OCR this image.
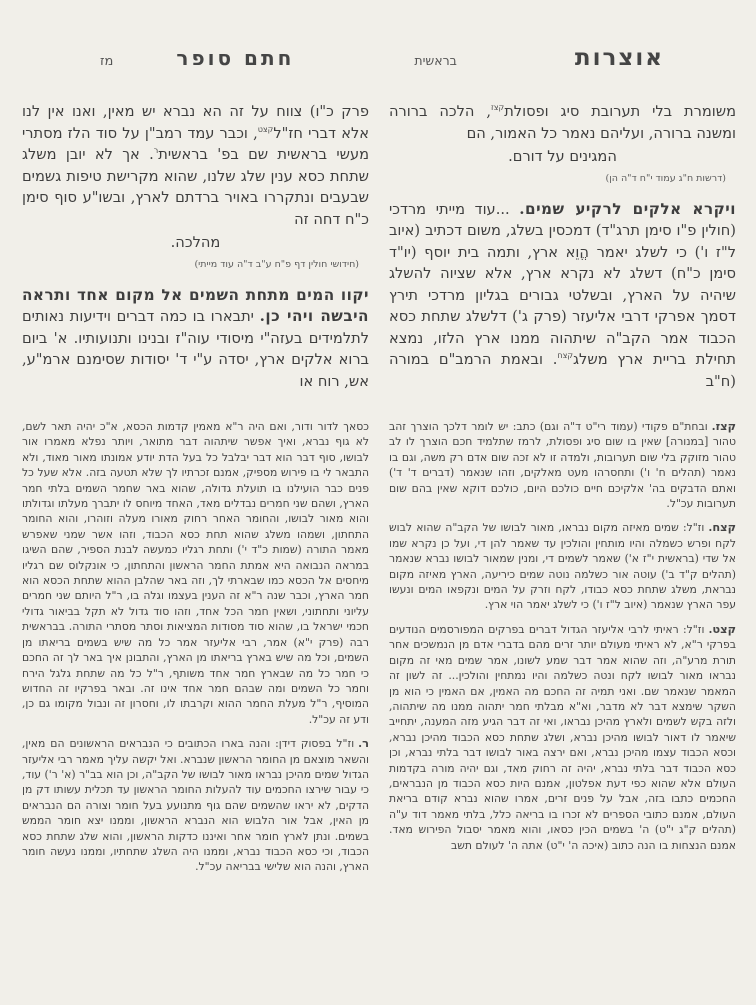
אוצרות
בראשית
חתם סופר
מז

משומרת בלי תערובת סיג ופסולת$^{קצז}$, הלכה ברורה ומשנה ברורה, ועליהם נאמר כל האמור, הם

המגינים על דורם.

(דרשות ח"ג עמוד י"ח ד"ה הן)

ויקרא אלקים לרקיע שמים. ...עוד מייתי מרדכי (חולין פ"ו סימן תרג"ד) דמכסין בשלג, משום דכתיב (איוב ל"ז ו') כי לשלג יאמר הֱוֵא ארץ, ותמה בית יוסף (יו"ד סימן כ"ח) דשלג לא נקרא ארץ, אלא שציוה להשלג שיהיה על הארץ, ובשלטי גבורים בגליון מרדכי תירץ דסמך אפרקי דרבי אליעזר (פרק ג') דלשלג שתחת כסא הכבוד אמר הקב"ה שיתהוה ממנו ארץ הלזו, נמצא תחילת בריית ארץ משלג$^{קצח}$. ובאמת הרמב"ם במורה (ח"ב

פרק כ"ו) צווח על זה הא נברא יש מאין, ואנו אין לנו אלא דברי חז"ל$^{קצט}$, וכבר עמד רמב"ן על סוד הלז מסתרי מעשי בראשית שם בפ' בראשית$^ר$. אך לא יובן משלג שתחת כסא ענין שלג שלנו, שהוא מקרישת טיפות גשמים שבעבים ונתקררו באויר ברדתם לארץ, ובשו"ע סוף סימן כ"ח דחה זה

מהלכה.

(חידושי חולין דף פ"ח ע"ב ד"ה עוד מייתי)

יקוו המים מתחת השמים אל מקום אחד ותראה היבשה ויהי כן. יתבארו בו כמה דברים וידיעות נאותים לתלמידים בעזה"י מיסודי עוה"ז ובנינו ותנועותיו. א' ביום ברוא אלקים ארץ, יסדה ע"י ד' יסודות שסימנם ארמ"ע, אש, רוח או

קצז.ובחת"ם פקודי (עמוד רי"ט ד"ה וגם) כתב: יש לומר דלכך הוצרך זהב טהור [במנורה] שאין בו שום סיג ופסולת, לרמז שתלמיד חכם הוצרך לו לב טהור מזוקק בלי שום תערובות, ולמדה זו לא זכה שום אדם רק משה, וגם בו נאמר (תהלים ח' ו') ותחסרהו מעט מאלקים, וזהו שנאמר (דברים ד' ד') ואתם הדבקים בה' אלקיכם חיים כולכם היום, כולכם דוקא שאין בהם שום תערובות עכ"ל.

קצח.וז"ל: שמים מאיזה מקום נבראו, מאור לבושו של הקב"ה שהוא לבוש לקח ופרש כשמלה והיו מותחין והולכין עד שאמר להן די, ועל כן נקרא שמו אל שדי (בראשית י"ז א') שאמר לשמים די, ומנין שמאור לבושו נברא שנאמר (תהלים ק"ד ב') עוטה אור כשלמה נוטה שמים כיריעה, הארץ מאיזה מקום נבראת, משלג שתחת כסא כבודו, לקח וזרק על המים ונקפאו המים ונעשו עפר הארץ שנאמר (איוב ל"ז ו') כי לשלג יאמר הוי ארץ.

קצט.וז"ל: ראיתי לרבי אליעזר הגדול דברים בפרקים המפורסמים הנודעים בפרקי ר"א, לא ראיתי מעולם יותר זרים מהם בדברי אדם מן הנמשכים אחר תורת מרע"ה, וזה שהוא אמר דבר שמע לשונו, אמר שמים מאי זה מקום נבראו מאור לבושו לקח ונטה כשלמה והיו נמתחין והולכין... זה לשון זה המאמר שנאמר שם. ואני תמיה זה החכם מה האמין, אם האמין כי הוא מן השקר שימצא דבר לא מדבר, וא"א מבלתי חמר יתהוה ממנו מה שיתהוה, ולזה בקש לשמים ולארץ מהיכן נבראו, ואי זה דבר הגיע מזה המענה, יתחייב שיאמר לו דאור לבושו מהיכן נברא, ושלג שתחת כסא הכבוד מהיכן נברא, וכסא הכבוד עצמו מהיכן נברא, ואם ירצה באור לבושו דבר בלתי נברא, וכן כסא הכבוד דבר בלתי נברא, יהיה זה רחוק מאד, וגם יהיה מורה בקדמות העולם אלא שהוא כפי דעת אפלטון, אמנם היות כסא הכבוד מן הנבראים, החכמים כתבו בזה, אבל על פנים זרים, אמרו שהוא נברא קודם בריאת העולם, אמנם כתובי הספרים לא זכרו בו בריאה כלל, בלתי מאמר דוד ע"ה (תהלים ק"ג י"ט) ה' בשמים הכין כסאו, והוא מאמר יסבול הפירוש מאד. אמנם הנצחות בו הנה כתוב (איכה ה' י"ט) אתה ה' לעולם תשב

כסאך לדור ודור, ואם היה ר"א מאמין קדמות הכסא, א"כ יהיה תאר לשם, לא גוף נברא, ואיך אפשר שיתהוה דבר מתואר, ויותר נפלא מאמרו אור לבושו, סוף דבר הוא דבר יבלבל כל בעל הדת יודע אמונתו מאור מאוד, ולא התבאר לי בו פירוש מספיק, אמנם זכרתיו לך שלא תטעה בזה. אלא שעל כל פנים כבר הועילנו בו תועלת גדולה, שהוא באר שחמר השמים בלתי חמר הארץ, ושהם שני חמרים נבדלים מאד, האחד מיוחס לו יתברך מעלתו וגדולתו והוא מאור לבושו, והחומר האחר רחוק מאורו מעלה וזוהרו, והוא החומר התחתון, ושמהו משלג שהוא תחת כסא הכבוד, וזהו אשר שמני שאפרש מאמר התורה (שמות כ"ד י') ותחת רגליו כמעשה לבנת הספיר, שהם השיגו במראה הנבואה היא אמתת החמר הראשון והתחתון, כי אונקלוס שם רגליו מיחסים אל הכסא כמו שבארתי לך, וזה באר שהלבן ההוא שתחת הכסא הוא חמר הארץ, וכבר שנה ר"א זה הענין בעצמו וגלה בו, ר"ל היותם שני חמרים עליוני ותחתוני, ושאין חמר הכל אחד, וזהו סוד גדול לא תקל בביאור גדולי חכמי ישראל בו, שהוא סוד מסודות המציאות וסתר מסתרי התורה. בבראשית רבה (פרק י"א) אמר, רבי אליעזר אמר כל מה שיש בשמים בריאתו מן השמים, וכל מה שיש בארץ בריאתו מן הארץ, והתבונן איך באר לך זה החכם כי חמר כל מה שבארץ חמר אחד משותף, ר"ל כל מה שתחת גלגל הירח וחמר כל השמים ומה שבהם חמר אחד אינו זה. ובאר בפרקיו זה החדוש המוסיף, ר"ל מעלת החמר ההוא וקרבתו לו, וחסרון זה ונבול מקומו גם כן, ודע זה עכ"ל.

ר.וז"ל בפסוק דידן: והנה בארו הכתובים כי הנבראים הראשונים הם מאין, והשאר מוצאם מן החומר הראשון שנברא. ואל יקשה עליך מאמר רבי אליעזר הגדול שמים מהיכן נבראו מאור לבושו של הקב"ה, וכן הוא בב"ר (א' ר') עוד, כי עבור שירצו החכמים עוד להעלות החומר הראשון עד תכלית עשותו דק מן הדקים, לא יראו שהשמים שהם גוף מתנועע בעל חומר וצורה הם הנבראים מן האין, אבל אור הלבוש הוא הנברא הראשון, וממנו יצא חומר הממש בשמים. ונתן לארץ חומר אחר ואיננו כדקות הראשון, והוא שלג שתחת כסא הכבוד, וכי כסא הכבוד נברא, וממנו היה השלג שתחתיו, וממנו נעשה חומר הארץ, והנה הוא שלישי בבריאה עכ"ל.
